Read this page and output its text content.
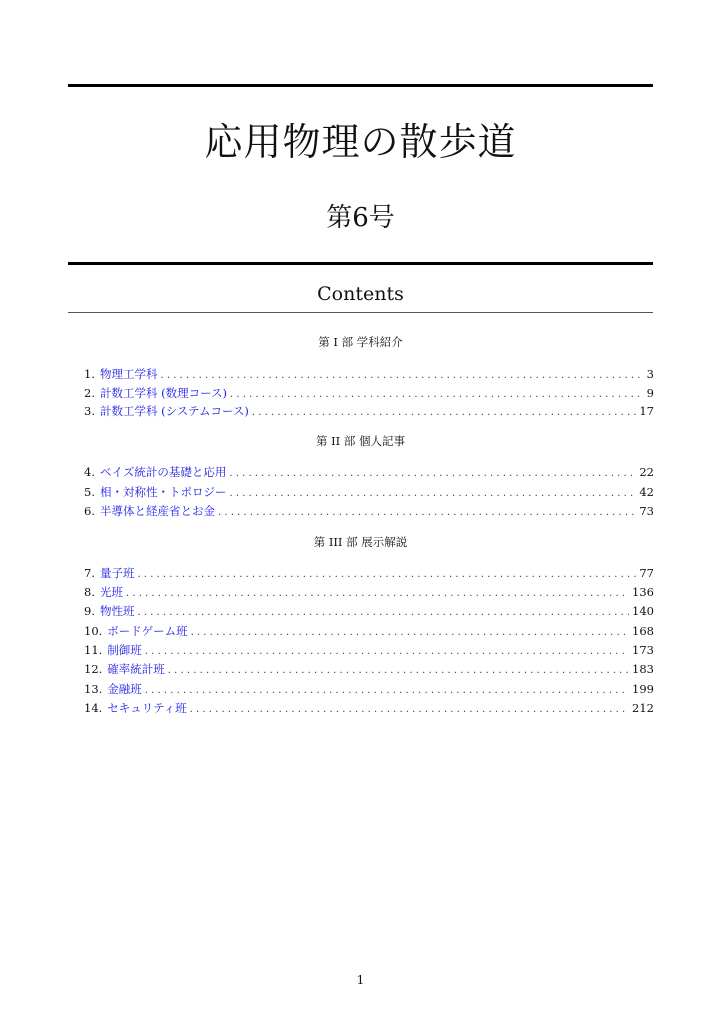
応用物理の散歩道
第6号
Contents
第 I 部 学科紹介
1. 物理工学科 . . .	3
2. 計数工学科 (数理コース) . . .	9
3. 計数工学科 (システムコース) . . .	17
第 II 部 個人記事
4. ベイズ統計の基礎と応用 . . .	22
5. 相・対称性・トポロジー . . .	42
6. 半導体と経産省とお金 . . .	73
第 III 部 展示解説
7. 量子班 . . .	77
8. 光班 . . .	136
9. 物性班 . . .	140
10. ボードゲーム班 . . .	168
11. 制御班 . . .	173
12. 確率統計班 . . .	183
13. 金融班 . . .	199
14. セキュリティ班 . . .	212
1
